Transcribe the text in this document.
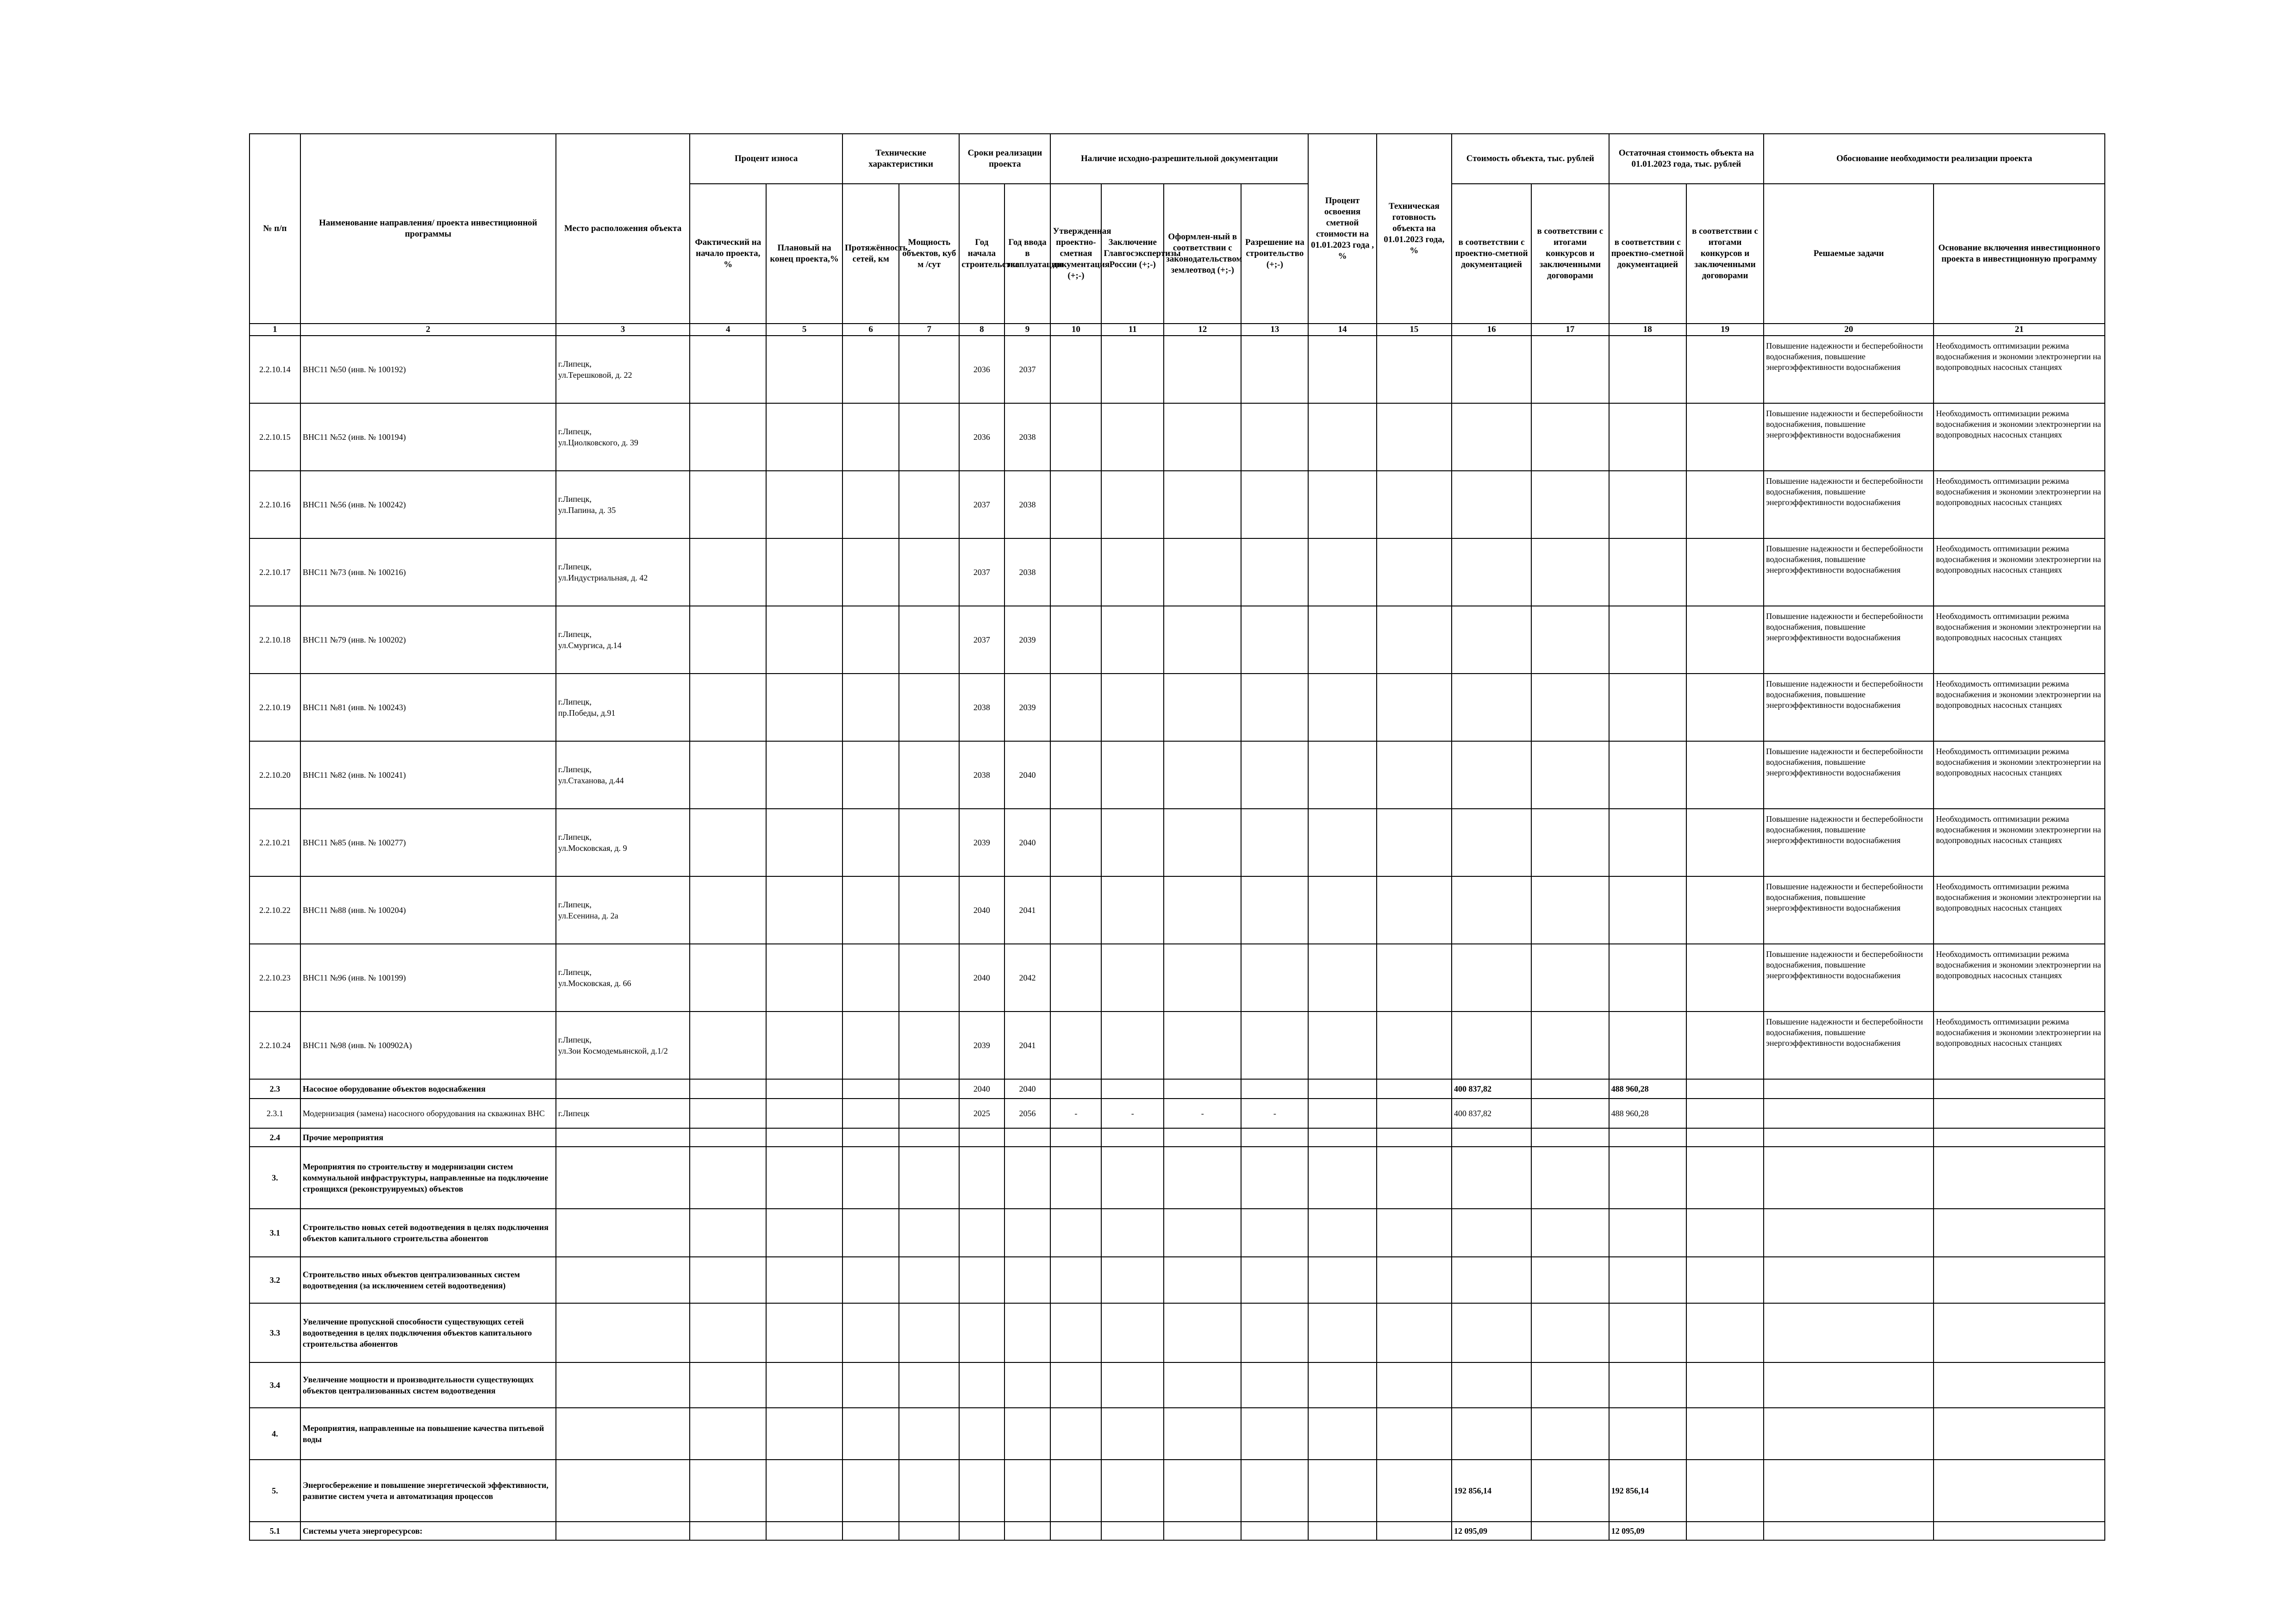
№ п/п	Наименование направления/ проекта инвестиционной программы	Место расположения объекта	Процент износа		Технические характеристики		Сроки реализации проекта		Наличие исходно-разрешительной документации				Процент освоения сметной стоимости на 01.01.2023 года , %	Техническая готовность объекта на 01.01.2023 года, %	Стоимость объекта, тыс. рублей		Остаточная стоимость объекта на 01.01.2023 года, тыс. рублей		Обоснование необходимости реализации проекта	
			Фактический на начало проекта, %	Плановый на конец проекта,%	Протяжённость сетей, км	Мощность объектов, куб м /сут	Год начала строительства	Год ввода в эксплуатацию	Утвержденная проектно-сметная документация (+;-)	Заключение Главгосэкспертизы России (+;-)	Оформлен-ный в соответствии с законодательством землеотвод (+;-)	Разрешение на строительство (+;-)			в соответствии с проектно-сметной документацией	в соответствии с итогами конкурсов и заключенными договорами	в соответствии с проектно-сметной документацией	в соответствии с итогами конкурсов и заключенными договорами	Решаемые задачи	Основание включения инвестиционного проекта в инвестиционную программу
1	2	3	4	5	6	7	8	9	10	11	12	13	14	15	16	17	18	19	20	21
2.2.10.14	ВНС11 №50 (инв. № 100192)	г.Липецк,
ул.Терешковой, д. 22					2036	2037											Повышение надежности и бесперебойности водоснабжения, повышение энергоэффективности водоснабжения	Необходимость оптимизации режима водоснабжения и экономии электроэнергии на водопроводных насосных станциях
2.2.10.15	ВНС11 №52 (инв. № 100194)	г.Липецк,
ул.Циолковского, д. 39					2036	2038											Повышение надежности и бесперебойности водоснабжения, повышение энергоэффективности водоснабжения	Необходимость оптимизации режима водоснабжения и экономии электроэнергии на водопроводных насосных станциях
2.2.10.16	ВНС11 №56 (инв. № 100242)	г.Липецк,
ул.Папина, д. 35					2037	2038											Повышение надежности и бесперебойности водоснабжения, повышение энергоэффективности водоснабжения	Необходимость оптимизации режима водоснабжения и экономии электроэнергии на водопроводных насосных станциях
2.2.10.17	ВНС11 №73 (инв. № 100216)	г.Липецк,
ул.Индустриальная, д. 42					2037	2038											Повышение надежности и бесперебойности водоснабжения, повышение энергоэффективности водоснабжения	Необходимость оптимизации режима водоснабжения и экономии электроэнергии на водопроводных насосных станциях
2.2.10.18	ВНС11 №79 (инв. № 100202)	г.Липецк,
ул.Смургиса, д.14					2037	2039											Повышение надежности и бесперебойности водоснабжения, повышение энергоэффективности водоснабжения	Необходимость оптимизации режима водоснабжения и экономии электроэнергии на водопроводных насосных станциях
2.2.10.19	ВНС11 №81 (инв. № 100243)	г.Липецк,
пр.Победы, д.91					2038	2039											Повышение надежности и бесперебойности водоснабжения, повышение энергоэффективности водоснабжения	Необходимость оптимизации режима водоснабжения и экономии электроэнергии на водопроводных насосных станциях
2.2.10.20	ВНС11 №82 (инв. № 100241)	г.Липецк,
ул.Стаханова, д.44					2038	2040											Повышение надежности и бесперебойности водоснабжения, повышение энергоэффективности водоснабжения	Необходимость оптимизации режима водоснабжения и экономии электроэнергии на водопроводных насосных станциях
2.2.10.21	ВНС11 №85 (инв. № 100277)	г.Липецк,
ул.Московская, д. 9					2039	2040											Повышение надежности и бесперебойности водоснабжения, повышение энергоэффективности водоснабжения	Необходимость оптимизации режима водоснабжения и экономии электроэнергии на водопроводных насосных станциях
2.2.10.22	ВНС11 №88 (инв. № 100204)	г.Липецк,
ул.Есенина, д. 2а					2040	2041											Повышение надежности и бесперебойности водоснабжения, повышение энергоэффективности водоснабжения	Необходимость оптимизации режима водоснабжения и экономии электроэнергии на водопроводных насосных станциях
2.2.10.23	ВНС11 №96 (инв. № 100199)	г.Липецк,
ул.Московская, д. 66					2040	2042											Повышение надежности и бесперебойности водоснабжения, повышение энергоэффективности водоснабжения	Необходимость оптимизации режима водоснабжения и экономии электроэнергии на водопроводных насосных станциях
2.2.10.24	ВНС11 №98 (инв. № 100902А)	г.Липецк,
ул.Зои Космодемьянской, д.1/2					2039	2041											Повышение надежности и бесперебойности водоснабжения, повышение энергоэффективности водоснабжения	Необходимость оптимизации режима водоснабжения и экономии электроэнергии на водопроводных насосных станциях
2.3	Насосное оборудование объектов водоснабжения						2040	2040							400 837,82		488 960,28			
2.3.1	Модернизация (замена) насосного оборудования на скважинах ВНС	г.Липецк					2025	2056	-	-	-	-			400 837,82		488 960,28			
2.4	Прочие мероприятия																			
3.	Мероприятия по строительству и модернизации систем коммунальной инфраструктуры, направленные на подключение строящихся (реконструируемых) объектов																			
3.1	Строительство новых сетей водоотведения в целях подключения объектов капитального строительства абонентов																			
3.2	Строительство иных объектов централизованных систем водоотведения (за исключением сетей водоотведения)																			
3.3	Увеличение пропускной способности существующих сетей водоотведения в целях подключения объектов капитального строительства абонентов																			
3.4	Увеличение мощности и производительности существующих объектов централизованных систем водоотведения																			
4.	Мероприятия, направленные на повышение качества питьевой воды																			
5.	Энергосбережение и повышение энергетической эффективности, развитие систем учета и автоматизация процессов														192 856,14		192 856,14			
5.1	Системы учета энергоресурсов:														12 095,09		12 095,09			
